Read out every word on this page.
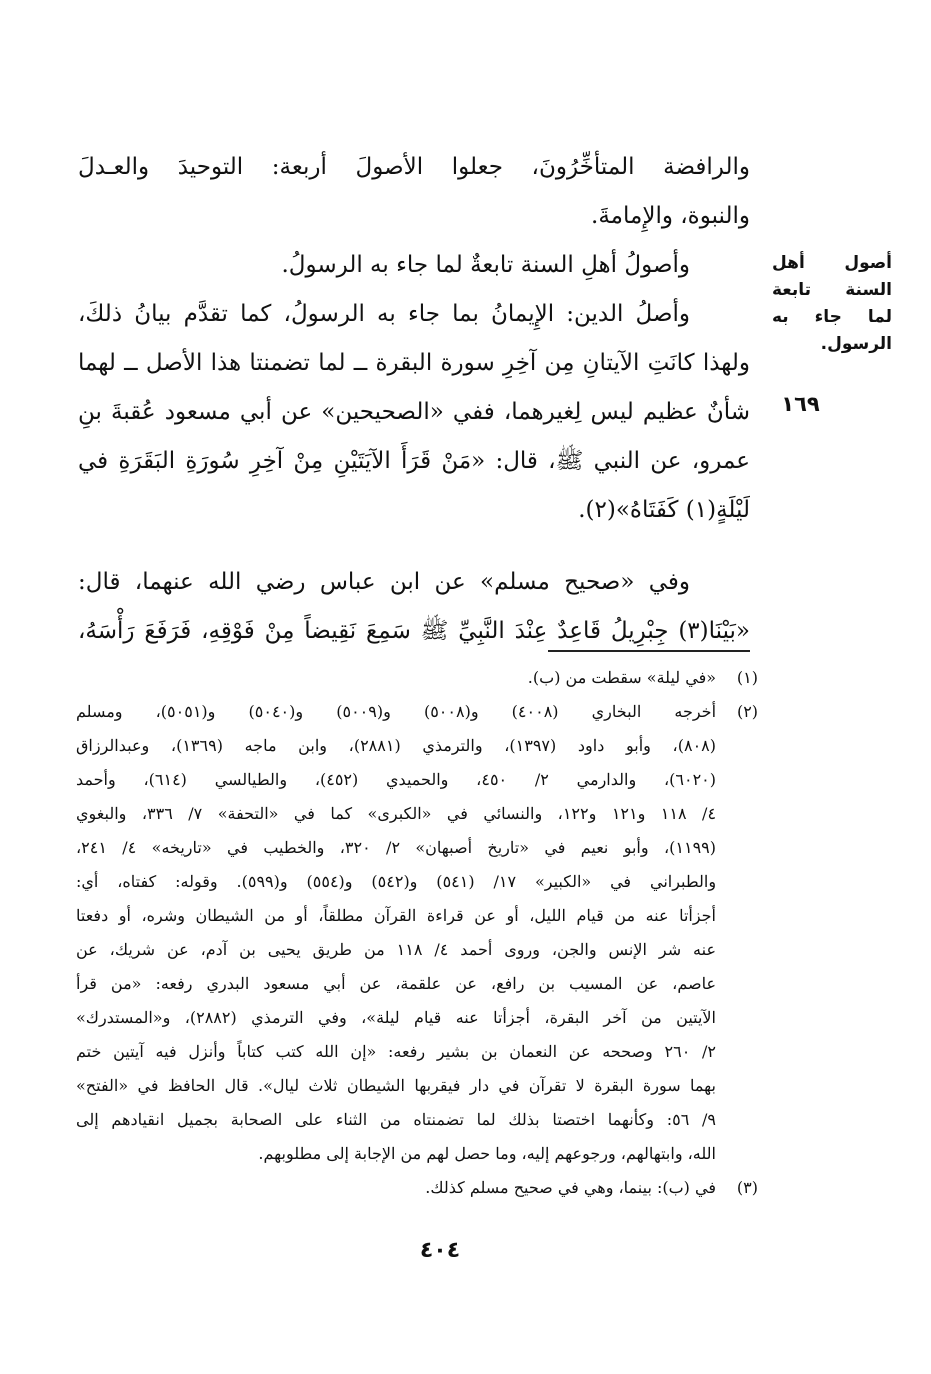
أصول أهل السنة تابعة لما جاء به الرسول.
١٦٩
والرافضة المتأخِّرُونَ، جعلوا الأصولَ أربعة: التوحيدَ والعـدلَ
والنبوة، والإِمامةَ.
وأصولُ أهلِ السنة تابعةٌ لما جاء به الرسولُ.
وأصلُ الدين: الإِيمانُ بما جاء به الرسولُ، كما تقدَّم بيانُ ذلكَ،
ولهذا كانَتِ الآيتانِ مِن آخِرِ سورة البقرة ــ لما تضمنتا هذا الأصل ــ لهما
شأنٌ عظيم ليس لِغيرهما، ففي «الصحيحين» عن أبي مسعود عُقبةَ بنِ
عمرو، عن النبي ﷺ، قال: «مَنْ قَرَأَ الآيَتَيْنِ مِنْ آخِرِ سُورَةِ البَقَرَةِ في
لَيْلَةٍ(١) كَفَتَاهُ»(٢).
وفي «صحيح مسلم» عن ابن عباس رضي الله عنهما، قال:
«بَيْنَا(٣) جِبْرِيلُ قَاعِدٌ عِنْدَ النَّبِيِّ ﷺ سَمِعَ نَقِيضاً مِنْ فَوْقِهِ، فَرَفَعَ رَأْسَهُ،
(١)«في ليلة» سقطت من (ب).
(٢)أخرجه البخاري (٤٠٠٨) و(٥٠٠٨) و(٥٠٠٩) و(٥٠٤٠) و(٥٠٥١)، ومسلم
(٨٠٨)، وأبو داود (١٣٩٧)، والترمذي (٢٨٨١)، وابن ماجه (١٣٦٩)، وعبدالرزاق
(٦٠٢٠)، والدارمي ٢/ ٤٥٠، والحميدي (٤٥٢)، والطيالسي (٦١٤)، وأحمد
٤/ ١١٨ و١٢١ و١٢٢، والنسائي في «الكبرى» كما في «التحفة» ٧/ ٣٣٦، والبغوي
(١١٩٩)، وأبو نعيم في «تاريخ أصبهان» ٢/ ٣٢٠، والخطيب في «تاريخه» ٤/ ٢٤١،
والطبراني في «الكبير» ١٧/ (٥٤١) و(٥٤٢) و(٥٥٤) و(٥٩٩). وقوله: كفتاه، أي:
أجزأتا عنه من قيام الليل، أو عن قراءة القرآن مطلقاً، أو من الشيطان وشره، أو دفعتا
عنه شر الإنس والجن، وروى أحمد ٤/ ١١٨ من طريق يحيى بن آدم، عن شريك، عن
عاصم، عن المسيب بن رافع، عن علقمة، عن أبي مسعود البدري رفعه: «من قرأ
الآيتين من آخر البقرة، أجزأتا عنه قيام ليلة»، وفي الترمذي (٢٨٨٢)، و«المستدرك»
٢/ ٢٦٠ وصححه عن النعمان بن بشير رفعه: «إن الله كتب كتاباً وأنزل فيه آيتين ختم
بهما سورة البقرة لا تقرآن في دار فيقربها الشيطان ثلاث ليال». قال الحافظ في «الفتح»
٩/ ٥٦: وكأنهما اختصتا بذلك لما تضمنتاه من الثناء على الصحابة بجميل انقيادهم إلى
الله، وابتهالهم، ورجوعهم إليه، وما حصل لهم من الإجابة إلى مطلوبهم.
(٣)في (ب): بينما، وهي في صحيح مسلم كذلك.
٤٠٤
